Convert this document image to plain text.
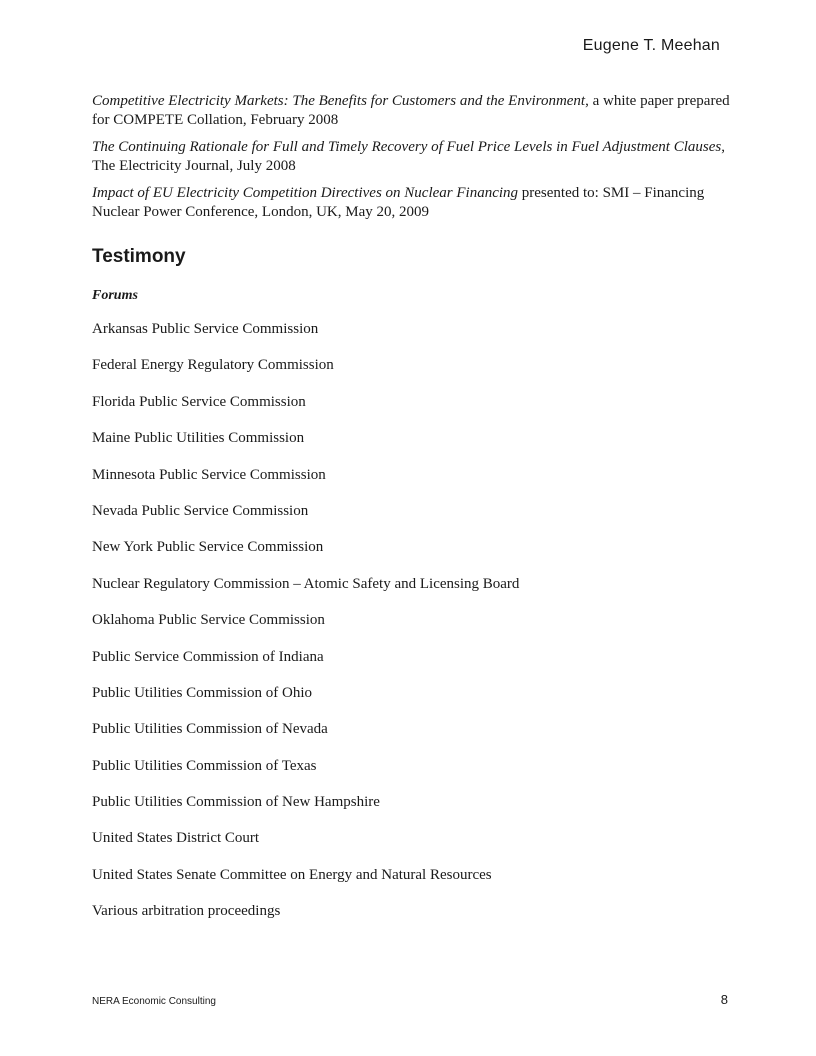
Eugene T. Meehan

Competitive Electricity Markets: The Benefits for Customers and the Environment, a white paper prepared for COMPETE Collation, February 2008

The Continuing Rationale for Full and Timely Recovery of Fuel Price Levels in Fuel Adjustment Clauses, The Electricity Journal, July 2008

Impact of EU Electricity Competition Directives on Nuclear Financing presented to: SMI – Financing Nuclear Power Conference, London, UK, May 20, 2009

Testimony
Forums
Arkansas Public Service Commission
Federal Energy Regulatory Commission
Florida Public Service Commission
Maine Public Utilities Commission
Minnesota Public Service Commission
Nevada Public Service Commission
New York Public Service Commission
Nuclear Regulatory Commission – Atomic Safety and Licensing Board
Oklahoma Public Service Commission
Public Service Commission of Indiana
Public Utilities Commission of Ohio
Public Utilities Commission of Nevada
Public Utilities Commission of Texas
Public Utilities Commission of New Hampshire
United States District Court
United States Senate Committee on Energy and Natural Resources
Various arbitration proceedings
NERA Economic Consulting	8
